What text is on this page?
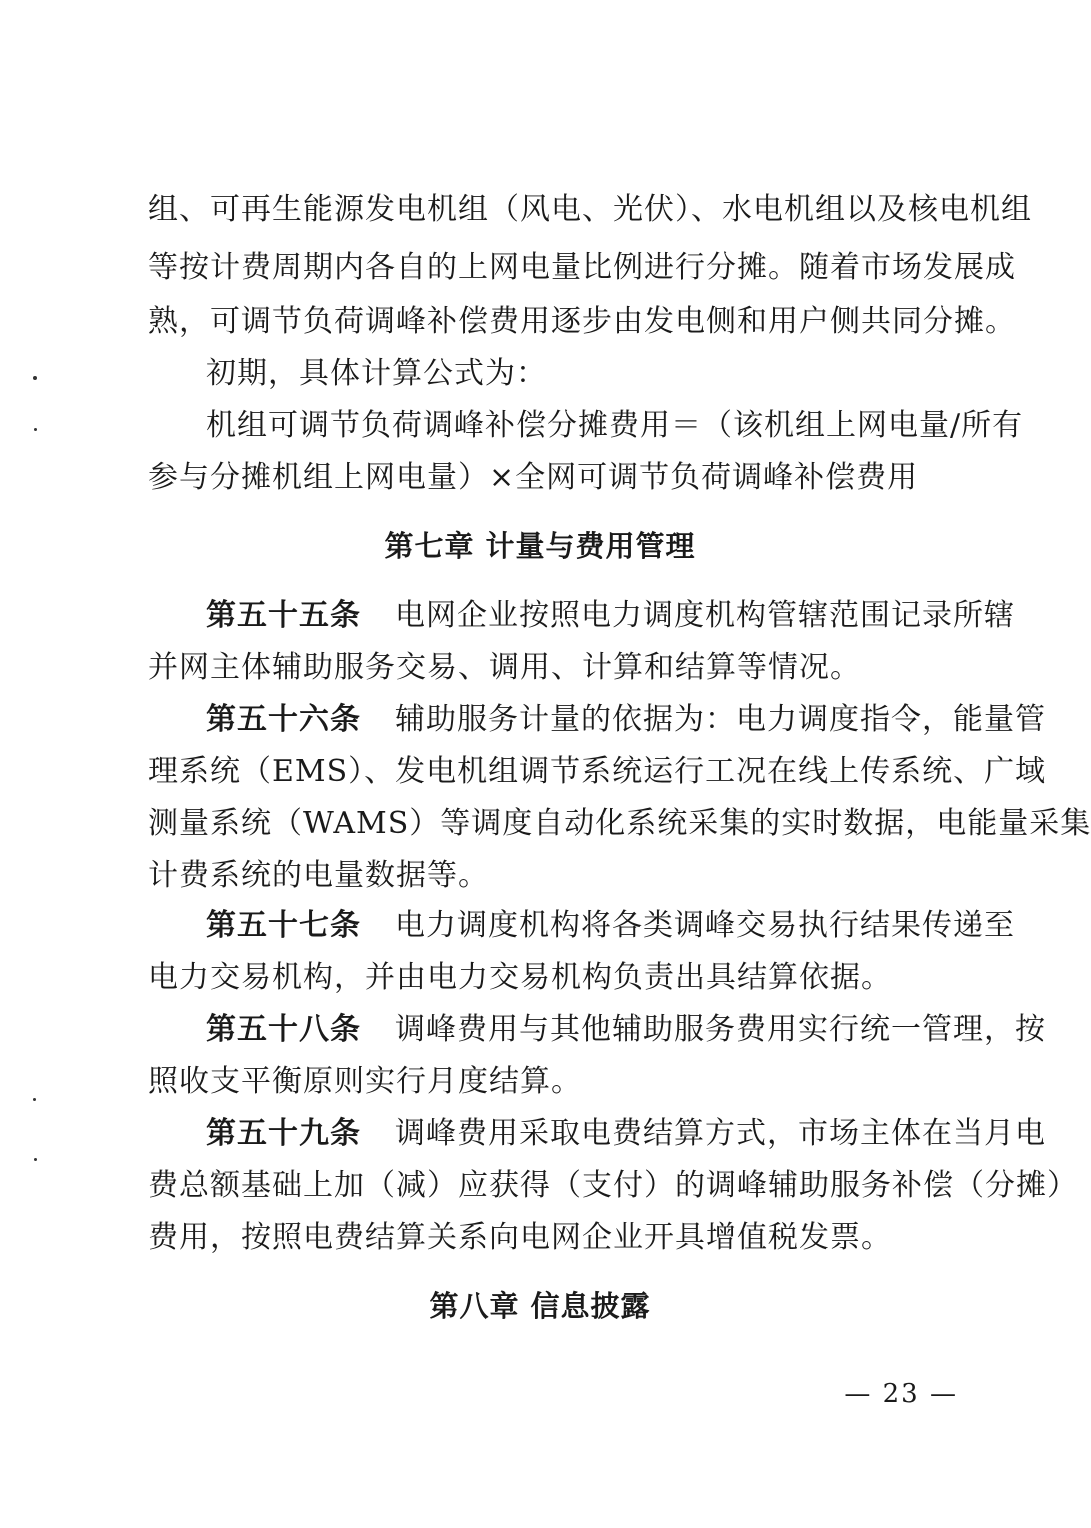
组、可再生能源发电机组（风电、光伏）、水电机组以及核电机组
等按计费周期内各自的上网电量比例进行分摊。随着市场发展成
熟，可调节负荷调峰补偿费用逐步由发电侧和用户侧共同分摊。
初期，具体计算公式为：
机组可调节负荷调峰补偿分摊费用＝（该机组上网电量/所有
参与分摊机组上网电量）×全网可调节负荷调峰补偿费用
第七章 计量与费用管理
第五十五条 电网企业按照电力调度机构管辖范围记录所辖
并网主体辅助服务交易、调用、计算和结算等情况。
第五十六条 辅助服务计量的依据为：电力调度指令，能量管
理系统（EMS）、发电机组调节系统运行工况在线上传系统、广域
测量系统（WAMS）等调度自动化系统采集的实时数据，电能量采集
计费系统的电量数据等。
第五十七条 电力调度机构将各类调峰交易执行结果传递至
电力交易机构，并由电力交易机构负责出具结算依据。
第五十八条 调峰费用与其他辅助服务费用实行统一管理，按
照收支平衡原则实行月度结算。
第五十九条 调峰费用采取电费结算方式，市场主体在当月电
费总额基础上加（减）应获得（支付）的调峰辅助服务补偿（分摊）
费用，按照电费结算关系向电网企业开具增值税发票。
第八章 信息披露
— 23 —
